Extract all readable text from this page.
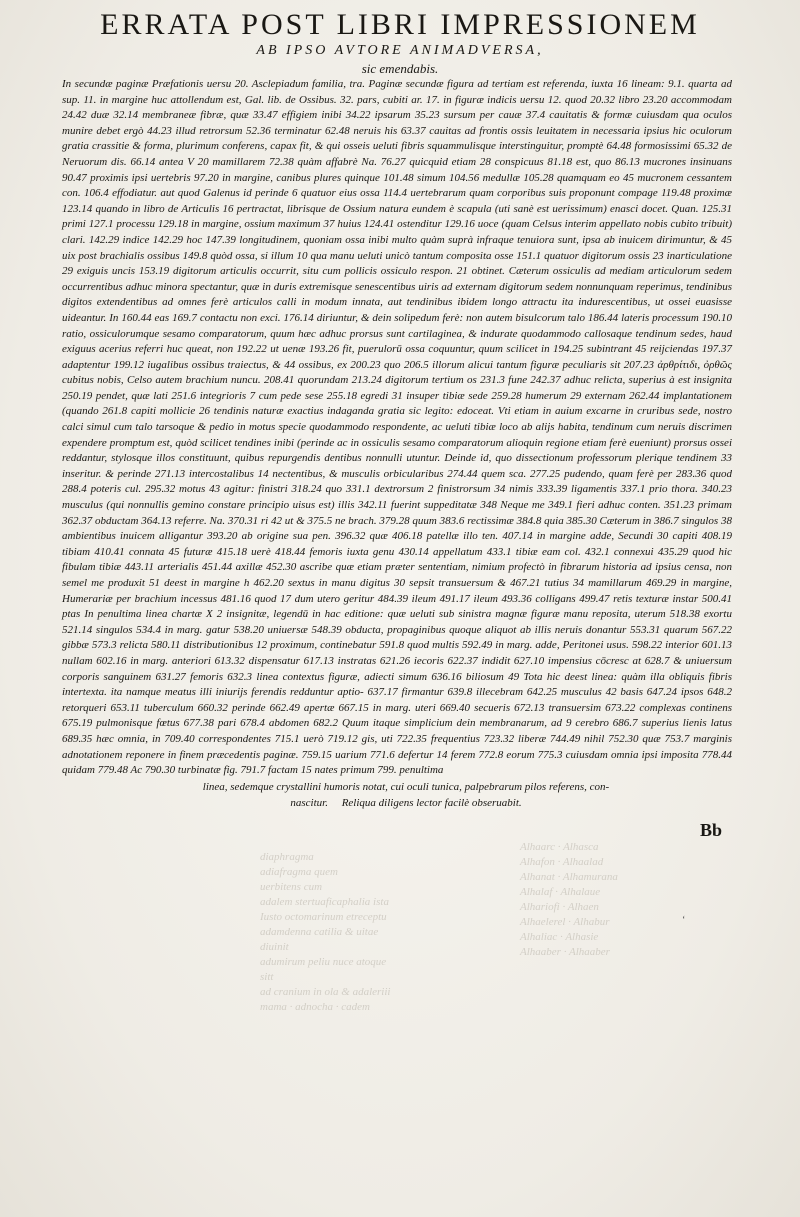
Alhaarc · Alhasca
Alhafon · Alhaalad
Alhanat · Alhamurana
Alhalaf · Alhalaue
Alhariofi · Alhaen
Alhaelerel · Alhabur
Alhaliac · Alhasie
Alhaaber · Alhaaber
diaphragma
adiafragma quem
uerbitens cum
adalem stertuaficaphalia ista
Iusto octomarinum etreceptu
adamdenna catilia & uitae
diuinit
adumirum peliu nuce atoque
sitt
ad cranium in ola & adaleriii
mama · adnocha · cadem
ERRATA POST LIBRI IMPRESSIONEM
AB IPSO AVTORE ANIMADVERSA,
sic emendabis.

In secundæ paginæ Præfationis uersu 20. Asclepiadum familia, tra. Paginæ secundæ figura ad tertiam est referenda, iuxta 16 lineam: 9.1. quarta ad sup. 11. in margine huc attollendum est, Gal. lib. de Ossibus. 32. pars, cubiti ar. 17. in figuræ indicis uersu 12. quod 20.32 libro 23.20 accommodam 24.42 duæ 32.14 membraneæ fibræ, quæ 33.47 effigiem inibi 34.22 ipsarum 35.23 sursum per cauæ 37.4 cauitatis & formæ cuiusdam qua oculos munire debet ergò 44.23 illud retrorsum 52.36 terminatur 62.48 neruis his 63.37 cauitas ad frontis ossis leuitatem in necessaria ipsius hic oculorum gratia crassitie & forma, plurimum conferens, capax fit, & qui osseis ueluti fibris squammulisque interstinguitur, promptè 64.48 formosissimi 65.32 de Neruorum dis. 66.14 antea V 20 mamillarem 72.38 quàm affabrè Na. 76.27 quicquid etiam 28 conspicuus 81.18 est, quo 86.13 mucrones insinuans 90.47 proximis ipsi uertebris 97.20 in margine, canibus plures quinque 101.48 simum 104.56 medullæ 105.28 quamquam eo 45 mucronem cessantem con. 106.4 effodiatur. aut quod Galenus id perinde 6 quatuor eius ossa 114.4 uertebrarum quam corporibus suis proponunt compage 119.48 proximæ 123.14 quando in libro de Articulis 16 pertractat, librisque de Ossium natura eundem è scapula (uti sanè est uerissimum) enasci docet. Quan. 125.31 primi 127.1 processu 129.18 in margine, ossium maximum 37 huius 124.41 ostenditur 129.16 uoce (quam Celsus interim appellato nobis cubito tribuit) clari. 142.29 indice 142.29 hoc 147.39 longitudinem, quoniam ossa inibi multo quàm suprà infraque tenuiora sunt, ipsa ab inuicem dirimuntur, & 45 uix post brachialis ossibus 149.8 quòd ossa, si illum 10 qua manu ueluti unicò tantum composita osse 151.1 quatuor digitorum ossis 23 inarticulatione 29 exiguis uncis 153.19 digitorum articulis occurrit, situ cum pollicis ossiculo respon. 21 obtinet. Cæterum ossiculis ad mediam articulorum sedem occurrentibus adhuc minora spectantur, quæ in duris extremisque senescentibus uiris ad externam digitorum sedem nonnunquam reperimus, tendinibus digitos extendentibus ad omnes ferè articulos calli in modum innata, aut tendinibus ibidem longo attractu ita indurescentibus, ut ossei euasisse uideantur. In 160.44 eas 169.7 contactu non exci. 176.14 diriuntur, & dein solipedum ferè: non autem bisulcorum talo 186.44 lateris processum 190.10 ratio, ossiculorumque sesamo comparatorum, quum hæc adhuc prorsus sunt cartilaginea, & indurate quodammodo callosaque tendinum sedes, haud exiguus acerius referri huc queat, non 192.22 ut uenæ 193.26 fit, puerulorū ossa coquuntur, quum scilicet in 194.25 subintrant 45 reijciendas 197.37 adaptentur 199.12 iugalibus ossibus traiectus, & 44 ossibus, ex 200.23 quo 206.5 illorum alicui tantum figuræ peculiaris sit 207.23 ἀρθρίτιδι, ὀρθῶς cubitus nobis, Celso autem brachium nuncu. 208.41 quorundam 213.24 digitorum tertium os 231.3 fune 242.37 adhuc relicta, superius à est insignita 250.19 pendet, quæ lati 251.6 integrioris 7 cum pede sese 255.18 egredi 31 insuper tibiæ sede 259.28 humerum 29 externam 262.44 implantationem (quando 261.8 capiti mollicie 26 tendinis naturæ exactius indaganda gratia sic legito: edoceat. Vti etiam in auium excarne in cruribus sede, nostro calci simul cum talo tarsoque & pedio in motus specie quodammodo respondente, ac ueluti tibiæ loco ab alijs habita, tendinum cum neruis discrimen expendere promptum est, quòd scilicet tendines inibi (perinde ac in ossiculis sesamo comparatorum alioquin regione etiam ferè eueniunt) prorsus ossei reddantur, stylosque illos constituunt, quibus repurgendis dentibus nonnulli utuntur. Deinde id, quo dissectionum professorum plerique tendinem 33 inseritur. & perinde 271.13 intercostalibus 14 nectentibus, & musculis orbicularibus 274.44 quem sca. 277.25 pudendo, quam ferè per 283.36 quod 288.4 poteris cul. 295.32 motus 43 agitur: finistri 318.24 quo 331.1 dextrorsum 2 finistrorsum 34 nimis 333.39 ligamentis 337.1 prio thora. 340.23 musculus (qui nonnullis gemino constare principio uisus est) illis 342.11 fuerint suppeditatæ 348 Neque me 349.1 fieri adhuc conten. 351.23 primam 362.37 obductam 364.13 referre. Na. 370.31 ri 42 ut & 375.5 ne brach. 379.28 quum 383.6 rectissimæ 384.8 quia 385.30 Cæterum in 386.7 singulos 38 ambientibus inuicem alligantur 393.20 ab origine sua pen. 396.32 quæ 406.18 patellæ illo ten. 407.14 in margine adde, Secundi 30 capiti 408.19 tibiam 410.41 connata 45 futuræ 415.18 uerè 418.44 femoris iuxta genu 430.14 appellatum 433.1 tibiæ eam col. 432.1 connexui 435.29 quod hic fibulam tibiæ 443.11 arterialis 451.44 axillæ 452.30 ascribe quæ etiam præter sententiam, nimium profectò in fibrarum historia ad ipsius censa, non semel me produxit 51 deest in margine h 462.20 sextus in manu digitus 30 sepsit transuersum & 467.21 tutius 34 mamillarum 469.29 in margine, Humerariæ per brachium incessus 481.16 quod 17 dum utero geritur 484.39 ileum 491.17 ileum 493.36 colligans 499.47 retis texturæ instar 500.41 ptas In penultima linea chartæ X 2 insignitæ, legendū in hac editione: quæ ueluti sub sinistra magnæ figuræ manu reposita, uterum 518.38 exortu 521.14 singulos 534.4 in marg. gatur 538.20 uniuersæ 548.39 obducta, propaginibus quoque aliquot ab illis neruis donantur 553.31 quarum 567.22 gibbæ 573.3 relicta 580.11 distributionibus 12 proximum, continebatur 591.8 quod multis 592.49 in marg. adde, Peritonei usus. 598.22 interior 601.13 nullam 602.16 in marg. anteriori 613.32 dispensatur 617.13 instratas 621.26 iecoris 622.37 indidit 627.10 impensius cōcresc at 628.7 & uniuersum corporis sanguinem 631.27 femoris 632.3 linea contextus figuræ, adiecti simum 636.16 biliosum 49 Tota hic deest linea: quàm illa obliquis fibris intertexta. ita namque meatus illi iniurijs ferendis redduntur aptio- 637.17 firmantur 639.8 illecebram 642.25 musculus 42 basis 647.24 ipsos 648.2 retorqueri 653.11 tuberculum 660.32 perinde 662.49 apertæ 667.15 in marg. uteri 669.40 secueris 672.13 transuersim 673.22 complexas continens 675.19 pulmonisque fœtus 677.38 pari 678.4 abdomen 682.2 Quum itaque simplicium dein membranarum, ad 9 cerebro 686.7 superius lienis latus 689.35 hæc omnia, in 709.40 correspondentes 715.1 uerò 719.12 gis, uti 722.35 frequentius 723.32 liberæ 744.49 nihil 752.30 quæ 753.7 marginis adnotationem reponere in finem præcedentis paginæ. 759.15 uarium 771.6 defertur 14 ferem 772.8 eorum 775.3 cuiusdam omnia ipsi imposita 778.44 quidam 779.48 Ac 790.30 turbinatæ fig. 791.7 factam 15 nates primum 799. penultima

linea, sedemque crystallini humoris notat, cui oculi tunica, palpebrarum pilos referens, con-
nascitur.     Reliqua diligens lector facilè obseruabit.
Bb
‘
